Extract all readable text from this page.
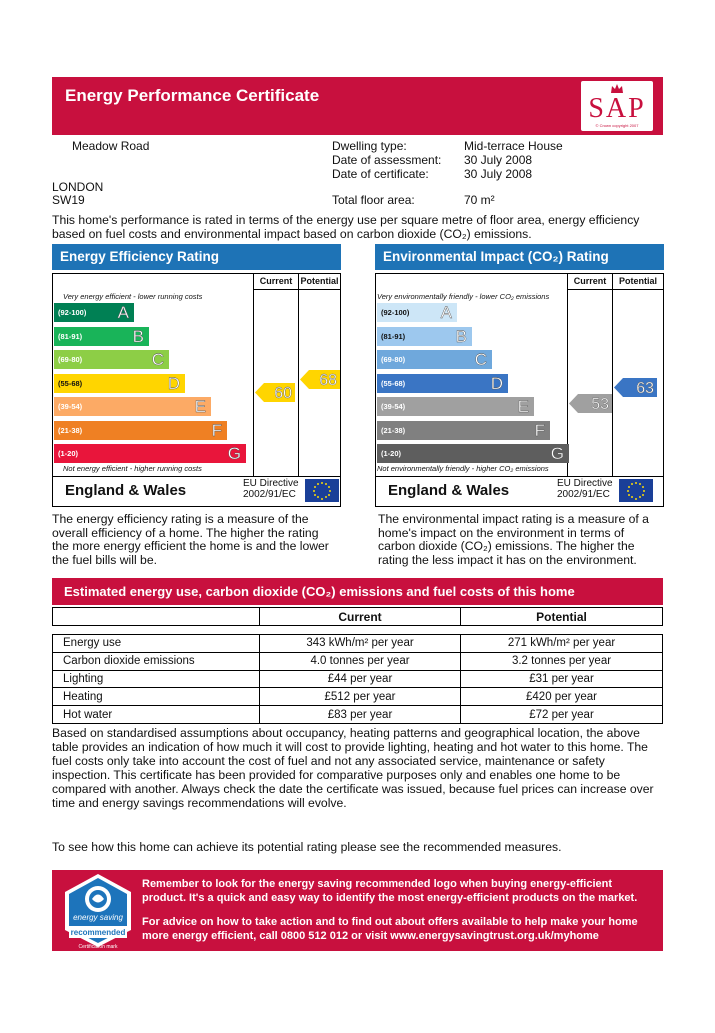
Energy Performance Certificate	SAP
© Crown copyright 2007
Meadow Road
LONDON
SW19
Dwelling type:	Mid-terrace House
Date of assessment: 30 July 2008
Date of certificate:	30 July 2008
Total floor area:	70 m²
This home's performance is rated in terms of the energy use per square metre of floor area, energy efficiency based on fuel costs and environmental impact based on carbon dioxide (CO₂) emissions.
Energy Efficiency Rating
Current Potential
Very energy efficient - lower running costs
Not energy efficient - higher running costs
(92-100) A
(81-91)	B
(69-80)	C
(55-68)	D
(39-54)	E
(21-38)	F
(1-20)	G
60
68
England & Wales	EU Directive
2002/91/EC
Environmental Impact (CO₂) Rating
Current	Potential
Very environmentally friendly - lower CO₂ emissions
Not environmentally friendly - higher CO₂ emissions
(92-100) A
(81-91)	B
(69-80)	C
(55-68)	D
(39-54)	E
(21-38)	F
(1-20)	G
53
63
England & Wales	EU Directive
2002/91/EC
The energy efficiency rating is a measure of the overall efficiency of a home. The higher the rating the more energy efficient the home is and the lower the fuel bills will be.
The environmental impact rating is a measure of a home's impact on the environment in terms of carbon dioxide (CO₂) emissions. The higher the rating the less impact it has on the environment.
Estimated energy use, carbon dioxide (CO₂) emissions and fuel costs of this home
	Current	Potential

Energy use	343 kWh/m² per year	271 kWh/m² per year
Carbon dioxide emissions	4.0 tonnes per year	3.2 tonnes per year
Lighting	£44 per year	£31 per year
Heating	£512 per year	£420 per year
Hot water	£83 per year	£72 per year
Based on standardised assumptions about occupancy, heating patterns and geographical location, the above table provides an indication of how much it will cost to provide lighting, heating and hot water to this home. The fuel costs only take into account the cost of fuel and not any associated service, maintenance or safety inspection. This certificate has been provided for comparative purposes only and enables one home to be compared with another. Always check the date the certificate was issued, because fuel prices can increase over time and energy savings recommendations will evolve.
To see how this home can achieve its potential rating please see the recommended measures.
energy saving
recommended
Certification mark
Remember to look for the energy saving recommended logo when buying energy-efficient product. It's a quick and easy way to identify the most energy-efficient products on the market.
For advice on how to take action and to find out about offers available to help make your home more energy efficient, call 0800 512 012 or visit www.energysavingtrust.org.uk/myhome
